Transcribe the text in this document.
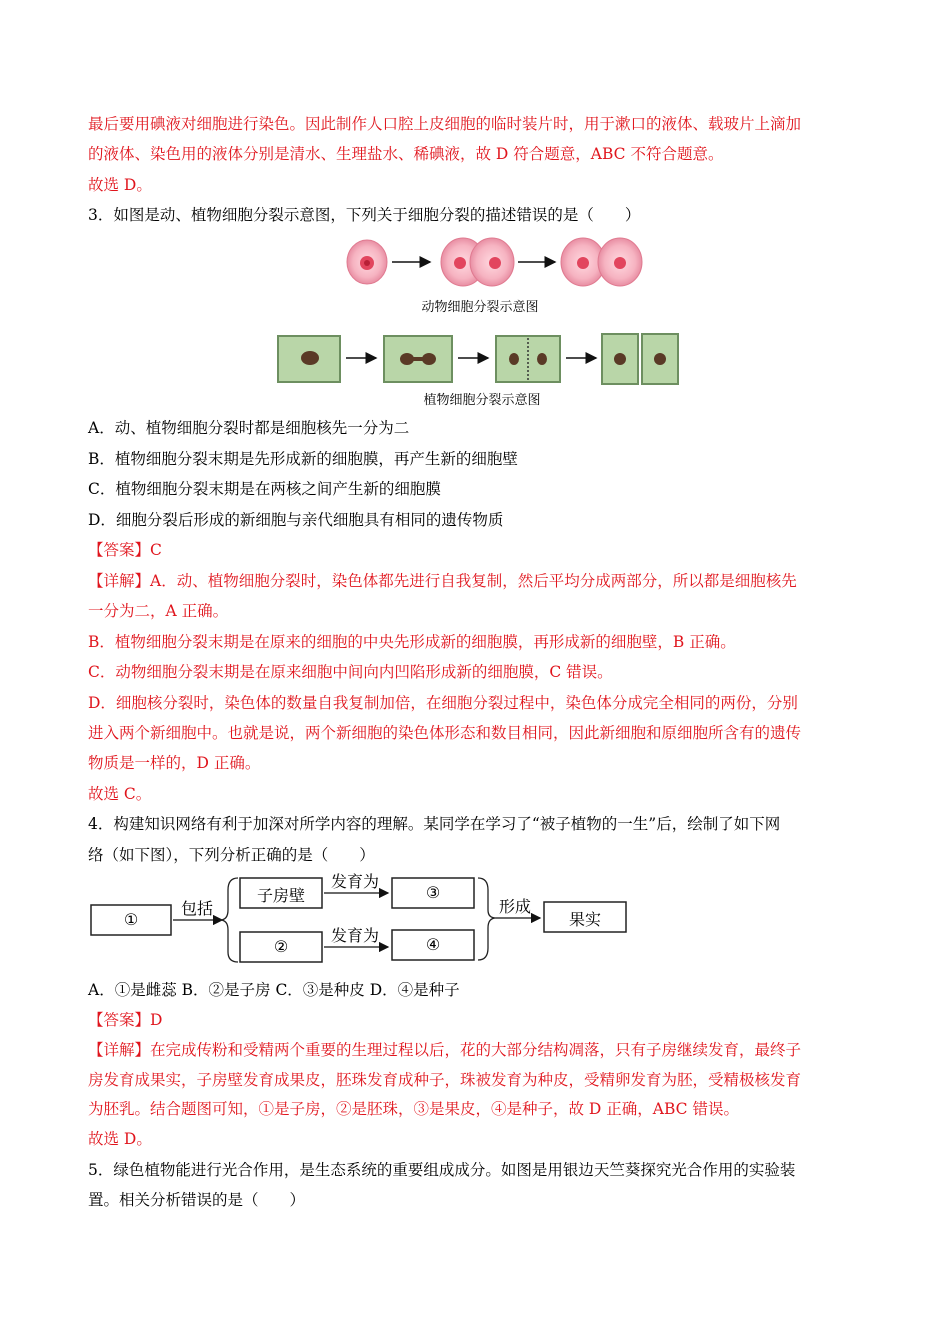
最后要用碘液对细胞进行染色。因此制作人口腔上皮细胞的临时装片时，用于漱口的液体、载玻片上滴加
的液体、染色用的液体分别是清水、生理盐水、稀碘液，故 D 符合题意，ABC 不符合题意。
故选 D。
3．如图是动、植物细胞分裂示意图，下列关于细胞分裂的描述错误的是（　　）
动物细胞分裂示意图
植物细胞分裂示意图
A．动、植物细胞分裂时都是细胞核先一分为二
B．植物细胞分裂末期是先形成新的细胞膜，再产生新的细胞壁
C．植物细胞分裂末期是在两核之间产生新的细胞膜
D．细胞分裂后形成的新细胞与亲代细胞具有相同的遗传物质
【答案】C
【详解】A．动、植物细胞分裂时，染色体都先进行自我复制，然后平均分成两部分，所以都是细胞核先
一分为二，A 正确。
B．植物细胞分裂末期是在原来的细胞的中央先形成新的细胞膜，再形成新的细胞壁，B 正确。
C．动物细胞分裂末期是在原来细胞中间向内凹陷形成新的细胞膜，C 错误。
D．细胞核分裂时，染色体的数量自我复制加倍，在细胞分裂过程中，染色体分成完全相同的两份，分别
进入两个新细胞中。也就是说，两个新细胞的染色体形态和数目相同，因此新细胞和原细胞所含有的遗传
物质是一样的，D 正确。
故选 C。
4．构建知识网络有利于加深对所学内容的理解。某同学在学习了“被子植物的一生”后，绘制了如下网
络（如下图），下列分析正确的是（　　）
①
包括
子房壁
②
发育为
发育为
③
④
形成
果实
A．①是雌蕊 B．②是子房 C．③是种皮 D．④是种子
【答案】D
【详解】在完成传粉和受精两个重要的生理过程以后，花的大部分结构凋落，只有子房继续发育，最终子
房发育成果实，子房壁发育成果皮，胚珠发育成种子，珠被发育为种皮，受精卵发育为胚，受精极核发育
为胚乳。结合题图可知，①是子房，②是胚珠，③是果皮，④是种子，故 D 正确，ABC 错误。
故选 D。
5．绿色植物能进行光合作用，是生态系统的重要组成成分。如图是用银边天竺葵探究光合作用的实验装
置。相关分析错误的是（　　）
